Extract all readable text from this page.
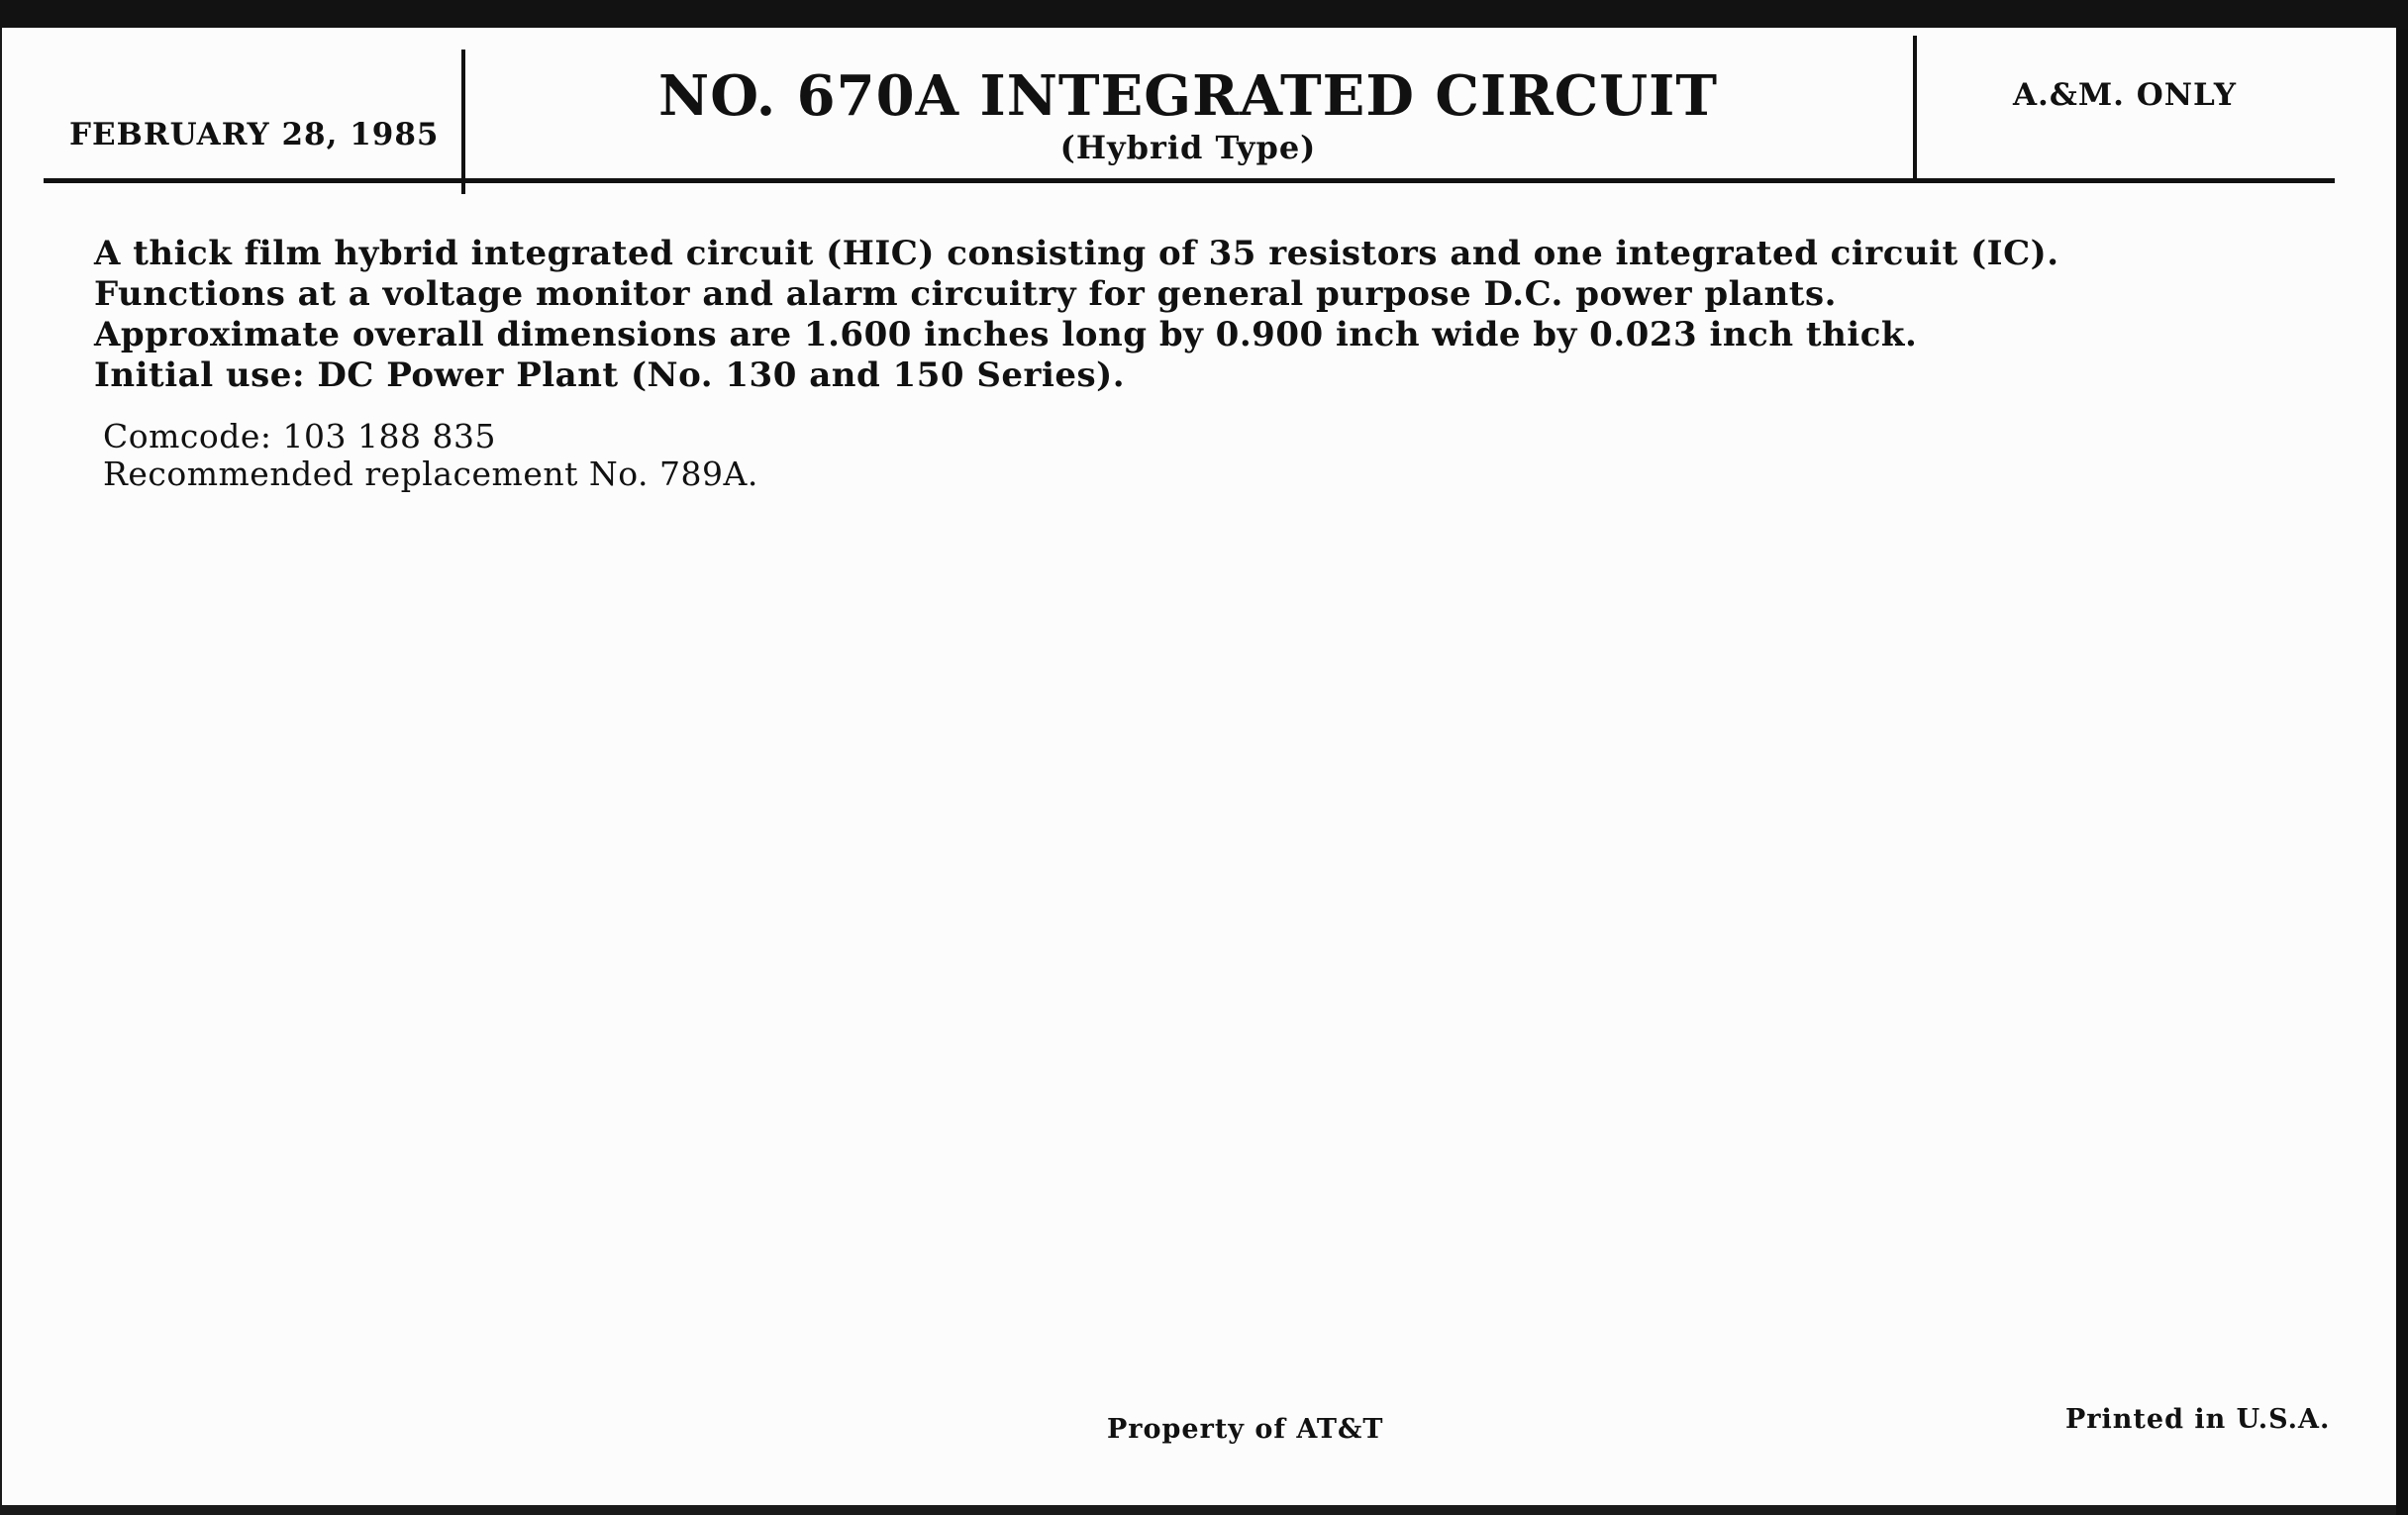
FEBRUARY 28, 1985
NO. 670A INTEGRATED CIRCUIT
(Hybrid Type)
A.&M. ONLY
A thick film hybrid integrated circuit (HIC) consisting of 35 resistors and one integrated circuit (IC).
Functions at a voltage monitor and alarm circuitry for general purpose D.C. power plants.
Approximate overall dimensions are 1.600 inches long by 0.900 inch wide by 0.023 inch thick.
Initial use: DC Power Plant (No. 130 and 150 Series).
Comcode: 103 188 835
Recommended replacement No. 789A.
Property of AT&T	Printed in U.S.A.
